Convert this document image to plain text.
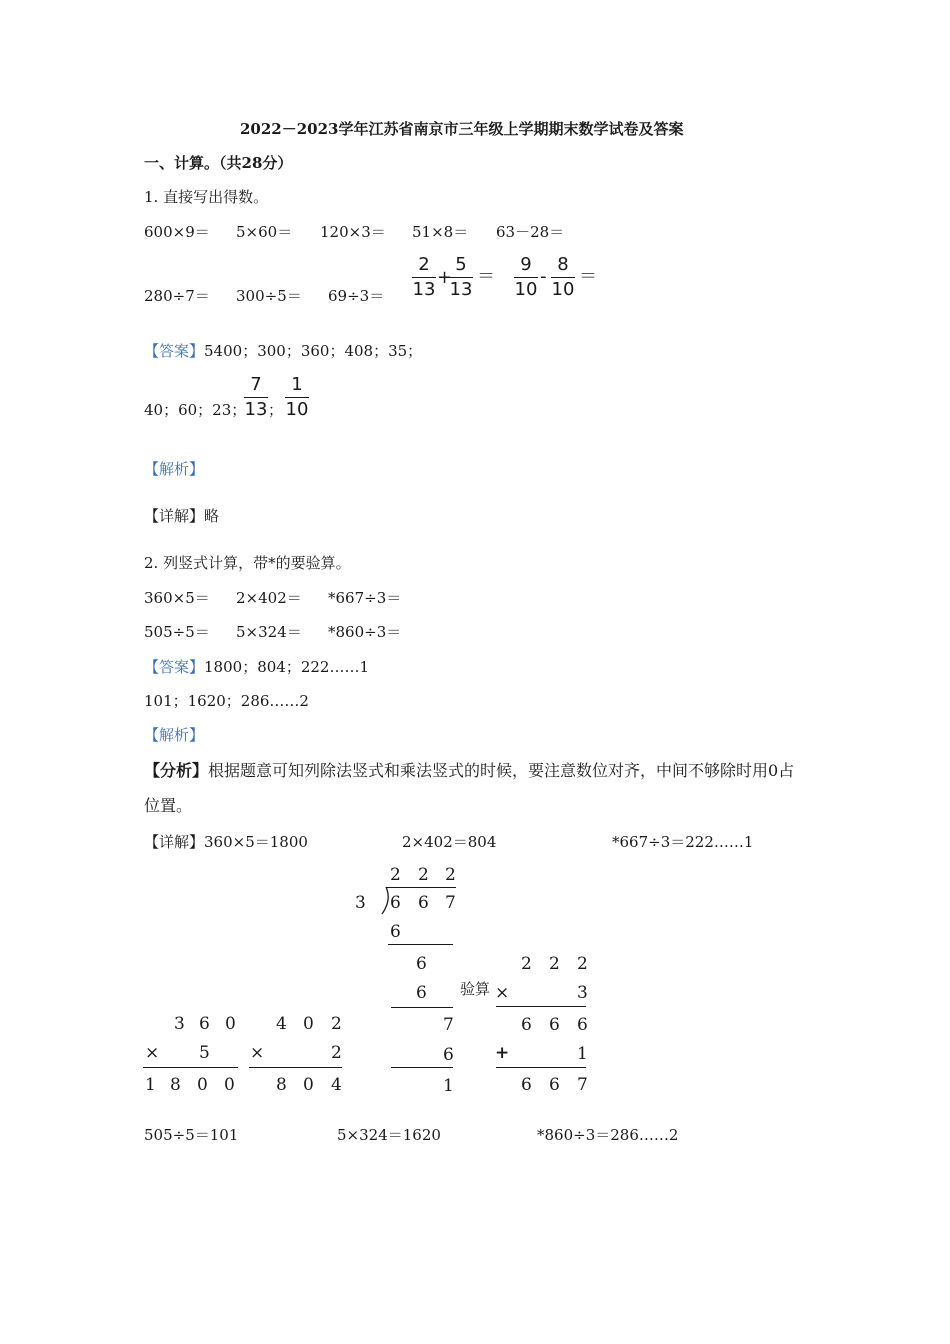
2022－2023学年江苏省南京市三年级上学期期末数学试卷及答案
一、计算。（共28分）
1. 直接写出得数。
600×9＝ 5×60＝ 120×3＝ 51×8＝ 63－28＝
280÷7＝ 300÷5＝ 69÷3＝
2
13
+
5
13
＝
9
10
-
8
10
＝
【答案】5400；300；360；408；35；
40；60；23；
7
13 ；
1
10
【解析】
【详解】略
2. 列竖式计算，带*的要验算。
360×5＝ 2×402＝ *667÷3＝
505÷5＝ 5×324＝ *860÷3＝
【答案】1800；804；222……1
101；1620；286……2
【解析】
【分析】根据题意可知列除法竖式和乘法竖式的时候，要注意数位对齐，中间不够除时用0占
位置。
【详解】360×5＝1800	2×402＝804	*667÷3＝222……1
3 6 0
× 5
1 8 0 0
4 0 2
×	2
8 0 4
2 2 2
3 6 6 7
6
6
6
7
6
1
验算
2 2 2
×	3
6 6 6
+	1
6 6 7
505÷5＝101	5×324＝1620	*860÷3＝286……2
